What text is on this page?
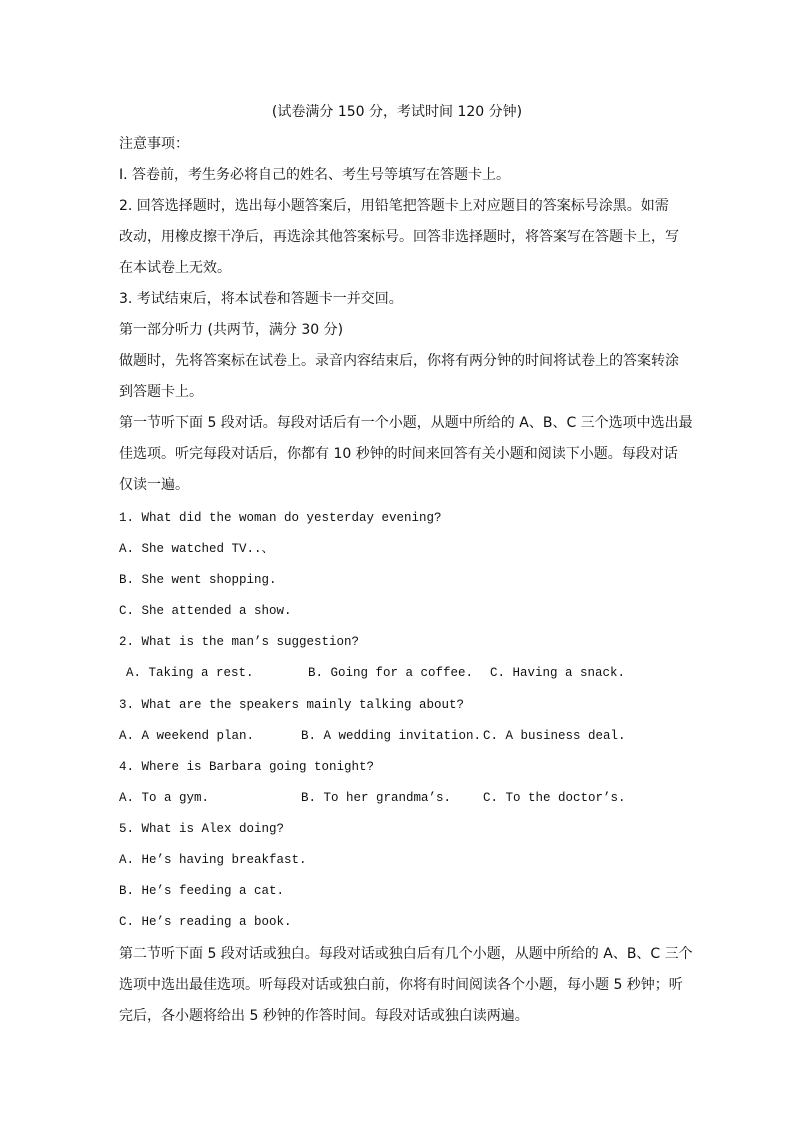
(试卷满分 150 分，考试时间 120 分钟)
注意事项：
Ⅰ. 答卷前，考生务必将自己的姓名、考生号等填写在答题卡上。
2. 回答选择题时，选出每小题答案后，用铅笔把答题卡上对应题目的答案标号涂黑。如需
改动，用橡皮擦干净后，再选涂其他答案标号。回答非选择题时，将答案写在答题卡上，写
在本试卷上无效。
3. 考试结束后，将本试卷和答题卡一并交回。
第一部分听力 (共两节，满分 30 分)
做题时，先将答案标在试卷上。录音内容结束后，你将有两分钟的时间将试卷上的答案转涂
到答题卡上。
第一节听下面 5 段对话。每段对话后有一个小题，从题中所给的 A、B、C 三个选项中选出最
佳选项。听完每段对话后，你都有 10 秒钟的时间来回答有关小题和阅读下小题。每段对话
仅读一遍。
1. What did the woman do yesterday evening?
A. She watched TV..、
B. She went shopping.
C. She attended a show.
2. What is the man’s suggestion?
A. Taking a rest.	B. Going for a coffee. C. Having a snack.
3. What are the speakers mainly talking about?
A. A weekend plan.	B. A wedding invitation. C. A business deal.
4. Where is Barbara going tonight?
A. To a gym.	B. To her grandma’s.	C. To the doctor’s.
5. What is Alex doing?
A. He’s having breakfast.
B. He’s feeding a cat.
C. He’s reading a book.
第二节听下面 5 段对话或独白。每段对话或独白后有几个小题，从题中所给的 A、B、C 三个
选项中选出最佳选项。听每段对话或独白前，你将有时间阅读各个小题，每小题 5 秒钟；听
完后，各小题将给出 5 秒钟的作答时间。每段对话或独白读两遍。
